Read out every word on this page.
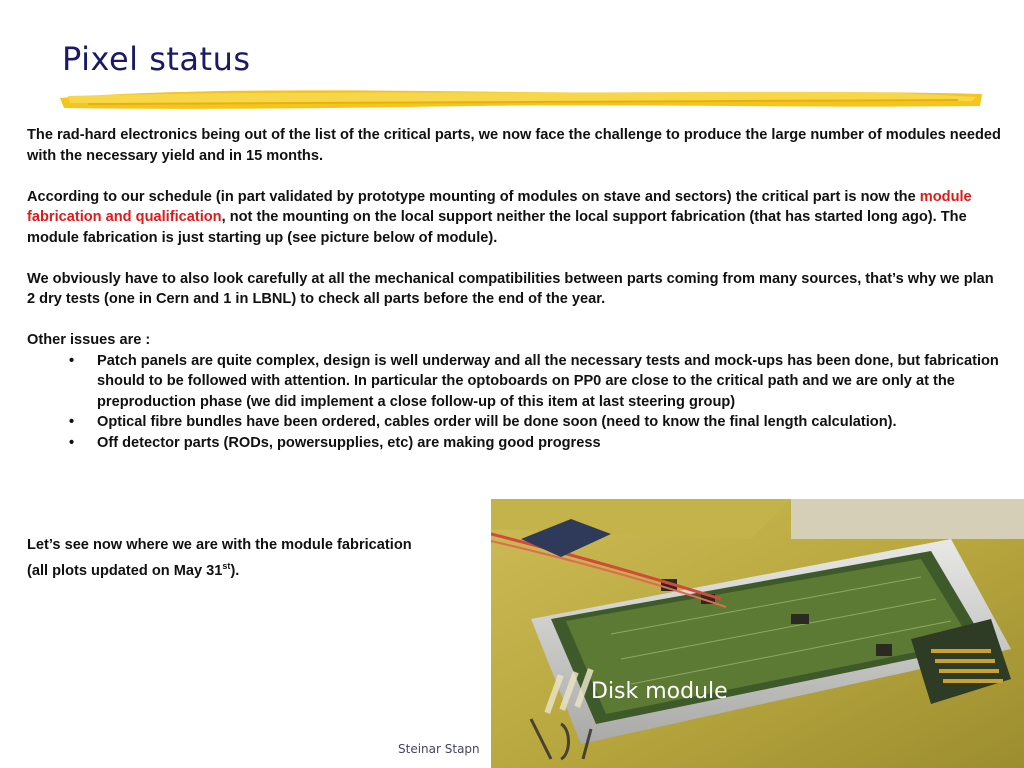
Pixel status

The rad-hard electronics being out of the list of the critical parts, we now face the challenge to produce the large number of modules needed with the necessary yield and in 15 months.

According to our schedule (in part validated by prototype mounting of modules on stave and sectors) the critical part is now the module fabrication and qualification, not the mounting on the local support neither the local support fabrication (that has started long ago). The module fabrication is just starting up (see picture below of module).

We obviously have to also look carefully at all the mechanical compatibilities between parts coming from many sources, that’s why we plan 2 dry tests (one in Cern and 1 in LBNL) to check all parts before the end of the year.

Other issues are :
• Patch panels are quite complex, design is well underway and all the necessary tests and mock-ups has been done, but fabrication should to be followed with attention. In particular the optoboards on PP0 are close to the critical path and we are only at the preproduction phase (we did implement a close follow-up of this item at last steering group)
• Optical fibre bundles have been ordered, cables order will be done soon (need to know the final length calculation).
• Off detector parts (RODs, powersupplies, etc) are making good progress
Let’s see now where we are with the module fabrication
(all plots updated on May 31st).
Steinar Stapn
Disk module
